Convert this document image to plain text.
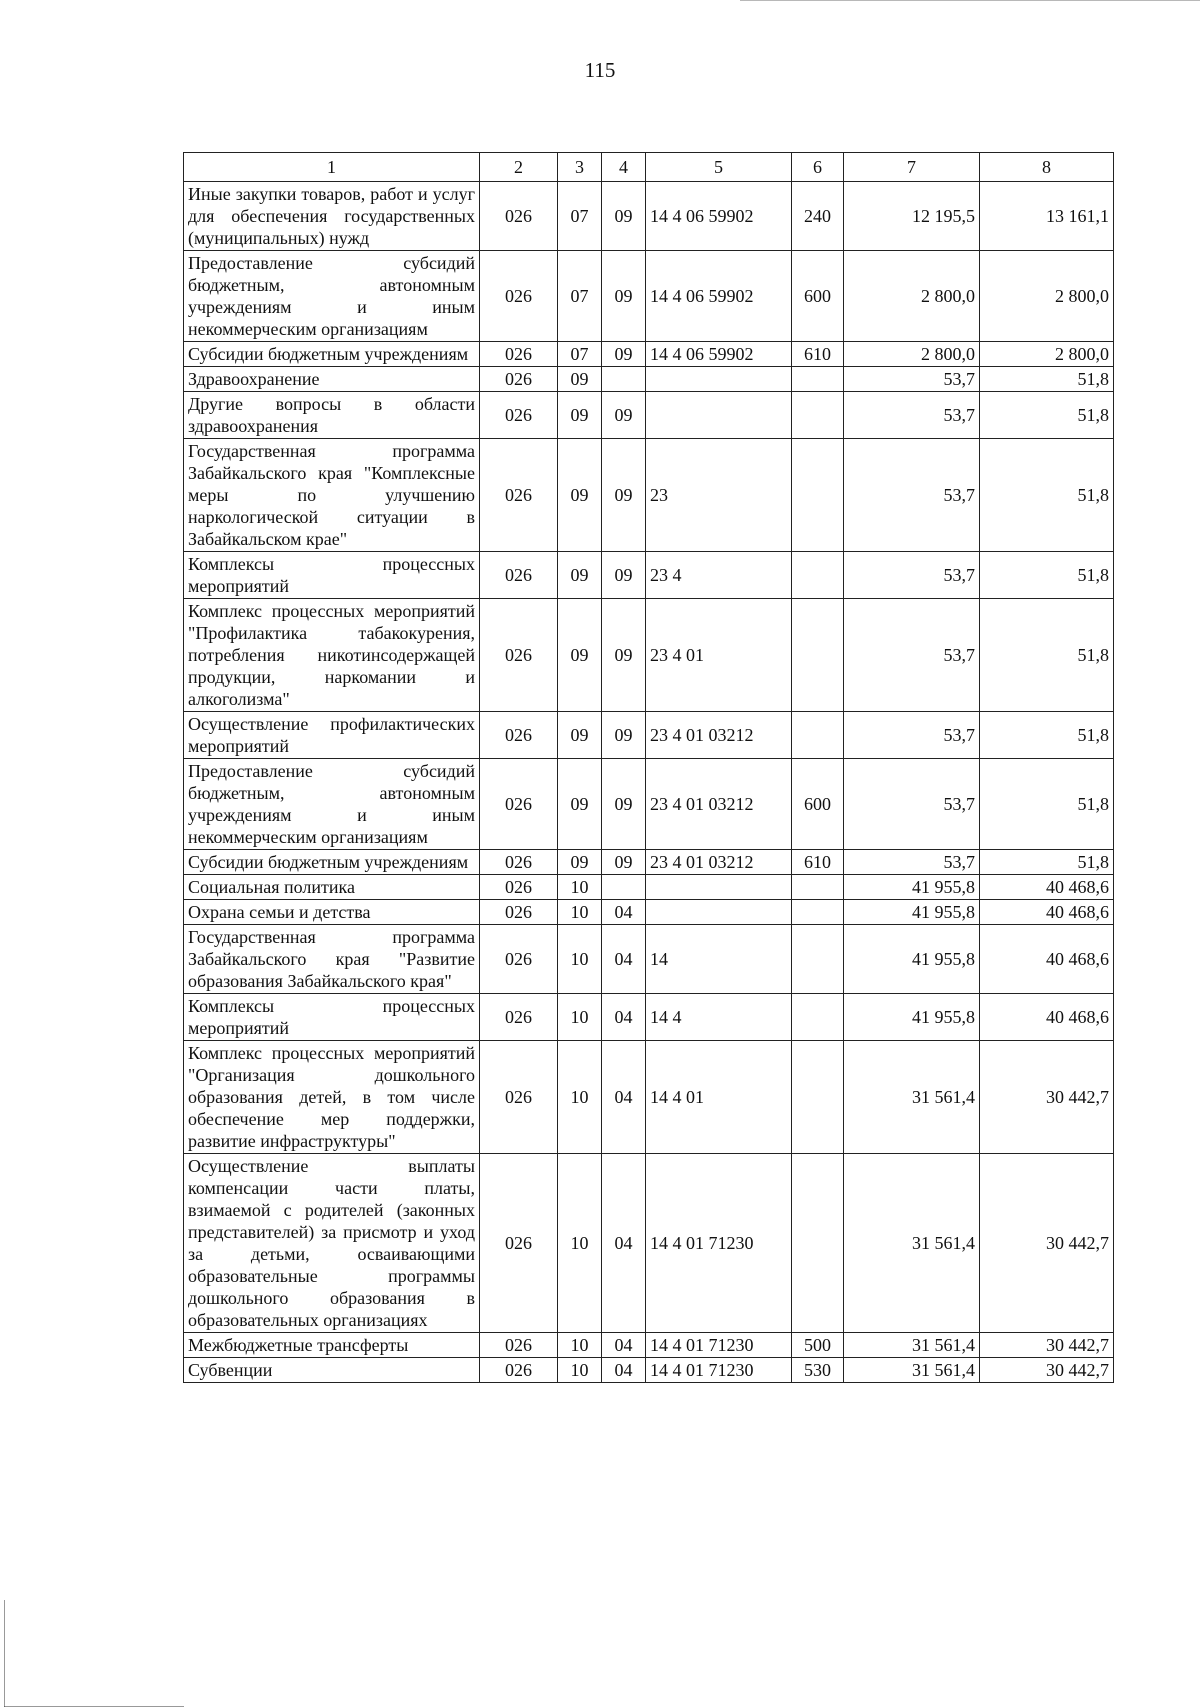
115
1	2	3	4	5	6	7	8
Иные закупки товаров, работ и услуг для обеспечения государственных (муниципальных) нужд	026	07	09	14 4 06 59902	240	12 195,5	13 161,1
Предоставление субсидий бюджетным, автономным учреждениям и иным некоммерческим организациям	026	07	09	14 4 06 59902	600	2 800,0	2 800,0
Субсидии бюджетным учреждениям	026	07	09	14 4 06 59902	610	2 800,0	2 800,0
Здравоохранение	026	09				53,7	51,8
Другие вопросы в области здравоохранения	026	09	09			53,7	51,8
Государственная программа Забайкальского края "Комплексные меры по улучшению наркологической ситуации в Забайкальском крае"	026	09	09	23		53,7	51,8
Комплексы процессных мероприятий	026	09	09	23 4		53,7	51,8
Комплекс процессных мероприятий "Профилактика табакокурения, потребления никотинсодержащей продукции, наркомании и алкоголизма"	026	09	09	23 4 01		53,7	51,8
Осуществление профилактических мероприятий	026	09	09	23 4 01 03212		53,7	51,8
Предоставление субсидий бюджетным, автономным учреждениям и иным некоммерческим организациям	026	09	09	23 4 01 03212	600	53,7	51,8
Субсидии бюджетным учреждениям	026	09	09	23 4 01 03212	610	53,7	51,8
Социальная политика	026	10				41 955,8	40 468,6
Охрана семьи и детства	026	10	04			41 955,8	40 468,6
Государственная программа Забайкальского края "Развитие образования Забайкальского края"	026	10	04	14		41 955,8	40 468,6
Комплексы процессных мероприятий	026	10	04	14 4		41 955,8	40 468,6
Комплекс процессных мероприятий "Организация дошкольного образования детей, в том числе обеспечение мер поддержки, развитие инфраструктуры"	026	10	04	14 4 01		31 561,4	30 442,7
Осуществление выплаты компенсации части платы, взимаемой с родителей (законных представителей) за присмотр и уход за детьми, осваивающими образовательные программы дошкольного образования в образовательных организациях	026	10	04	14 4 01 71230		31 561,4	30 442,7
Межбюджетные трансферты	026	10	04	14 4 01 71230	500	31 561,4	30 442,7
Субвенции	026	10	04	14 4 01 71230	530	31 561,4	30 442,7
